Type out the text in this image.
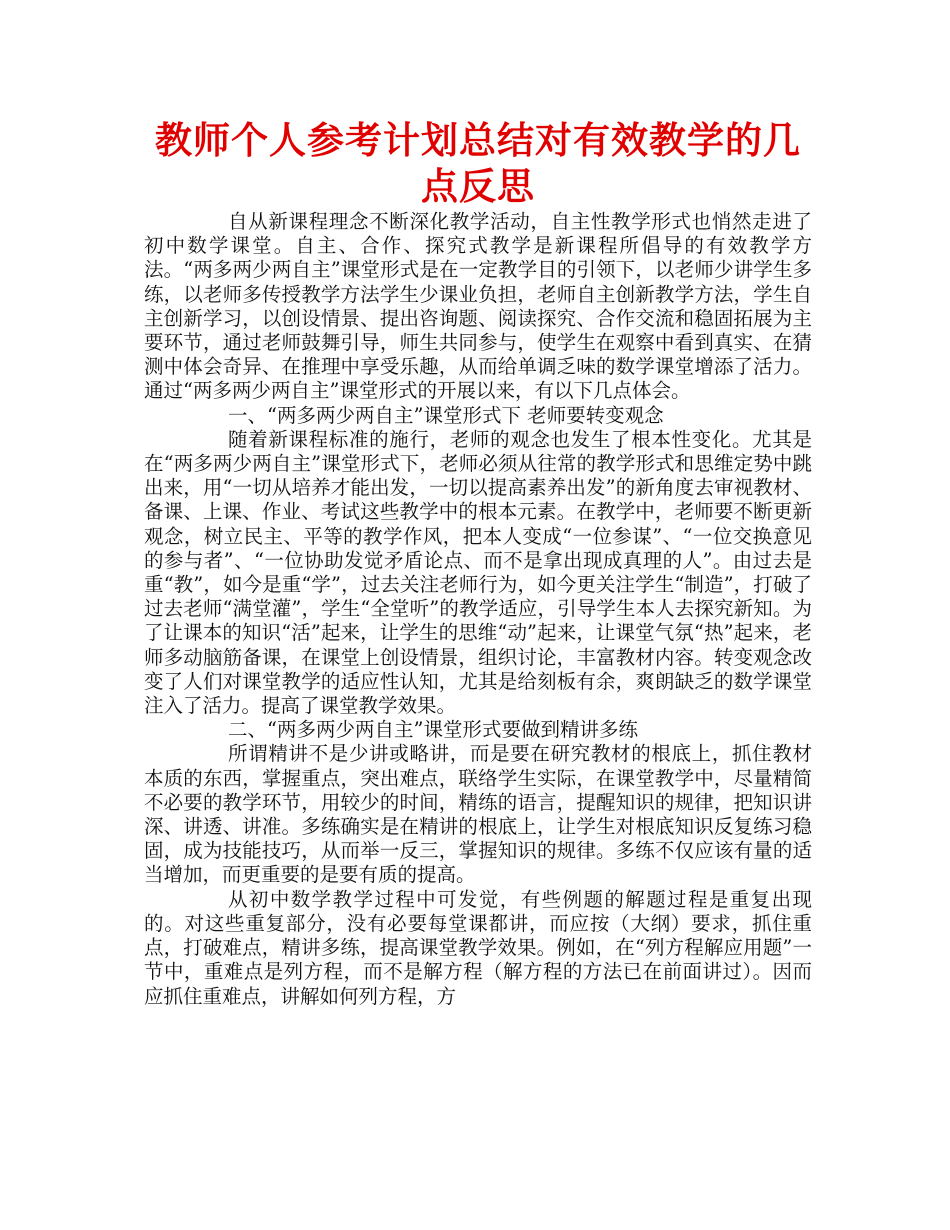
教师个人参考计划总结对有效教学的几点反思

自从新课程理念不断深化教学活动，自主性教学形式也悄然走进了初中数学课堂。自主、合作、探究式教学是新课程所倡导的有效教学方法。“两多两少两自主”课堂形式是在一定教学目的引领下，以老师少讲学生多练，以老师多传授教学方法学生少课业负担，老师自主创新教学方法，学生自主创新学习，以创设情景、提出咨询题、阅读探究、合作交流和稳固拓展为主要环节，通过老师鼓舞引导，师生共同参与，使学生在观察中看到真实、在猜测中体会奇异、在推理中享受乐趣，从而给单调乏味的数学课堂增添了活力。通过“两多两少两自主”课堂形式的开展以来，有以下几点体会。

一、“两多两少两自主”课堂形式下 老师要转变观念

随着新课程标准的施行，老师的观念也发生了根本性变化。尤其是在“两多两少两自主”课堂形式下，老师必须从往常的教学形式和思维定势中跳出来，用“一切从培养才能出发，一切以提高素养出发”的新角度去审视教材、备课、上课、作业、考试这些教学中的根本元素。在教学中，老师要不断更新观念，树立民主、平等的教学作风，把本人变成“一位参谋”、“一位交换意见的参与者”、“一位协助发觉矛盾论点、而不是拿出现成真理的人”。由过去是重“教”，如今是重“学”，过去关注老师行为，如今更关注学生“制造”，打破了过去老师“满堂灌”，学生“全堂听”的教学适应，引导学生本人去探究新知。为了让课本的知识“活”起来，让学生的思维“动”起来，让课堂气氛“热”起来，老师多动脑筋备课，在课堂上创设情景，组织讨论，丰富教材内容。转变观念改变了人们对课堂教学的适应性认知，尤其是给刻板有余，爽朗缺乏的数学课堂注入了活力。提高了课堂教学效果。

二、“两多两少两自主”课堂形式要做到精讲多练

所谓精讲不是少讲或略讲，而是要在研究教材的根底上，抓住教材本质的东西，掌握重点，突出难点，联络学生实际，在课堂教学中，尽量精简不必要的教学环节，用较少的时间，精练的语言，提醒知识的规律，把知识讲深、讲透、讲准。多练确实是在精讲的根底上，让学生对根底知识反复练习稳固，成为技能技巧，从而举一反三，掌握知识的规律。多练不仅应该有量的适当增加，而更重要的是要有质的提高。

从初中数学教学过程中可发觉，有些例题的解题过程是重复出现的。对这些重复部分，没有必要每堂课都讲，而应按（大纲）要求，抓住重点，打破难点，精讲多练，提高课堂教学效果。例如，在“列方程解应用题”一节中，重难点是列方程，而不是解方程（解方程的方法已在前面讲过）。因而应抓住重难点，讲解如何列方程，方
